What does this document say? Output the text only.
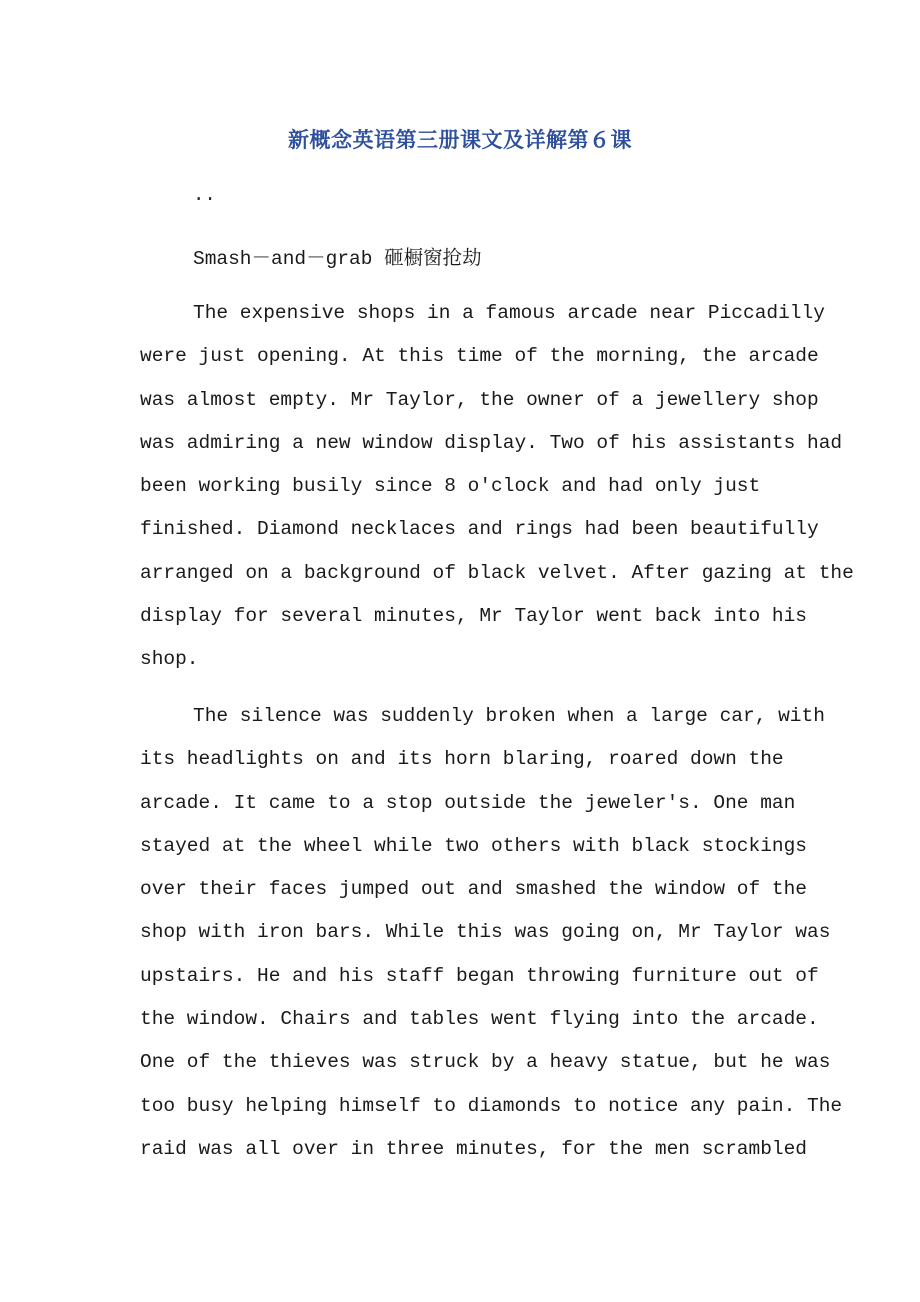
新概念英语第三册课文及详解第６课
..
Smash－and－grab 砸橱窗抢劫
The expensive shops in a famous arcade near Piccadilly
were just opening. At this time of the morning, the arcade
was almost empty. Mr Taylor, the owner of a jewellery shop
was admiring a new window display. Two of his assistants had
been working busily since 8 o'clock and had only just
finished. Diamond necklaces and rings had been beautifully
arranged on a background of black velvet. After gazing at the
display for several minutes, Mr Taylor went back into his
shop.
The silence was suddenly broken when a large car, with
its headlights on and its horn blaring, roared down the
arcade. It came to a stop outside the jeweler's. One man
stayed at the wheel while two others with black stockings
over their faces jumped out and smashed the window of the
shop with iron bars. While this was going on, Mr Taylor was
upstairs. He and his staff began throwing furniture out of
the window. Chairs and tables went flying into the arcade.
One of the thieves was struck by a heavy statue, but he was
too busy helping himself to diamonds to notice any pain. The
raid was all over in three minutes, for the men scrambled
